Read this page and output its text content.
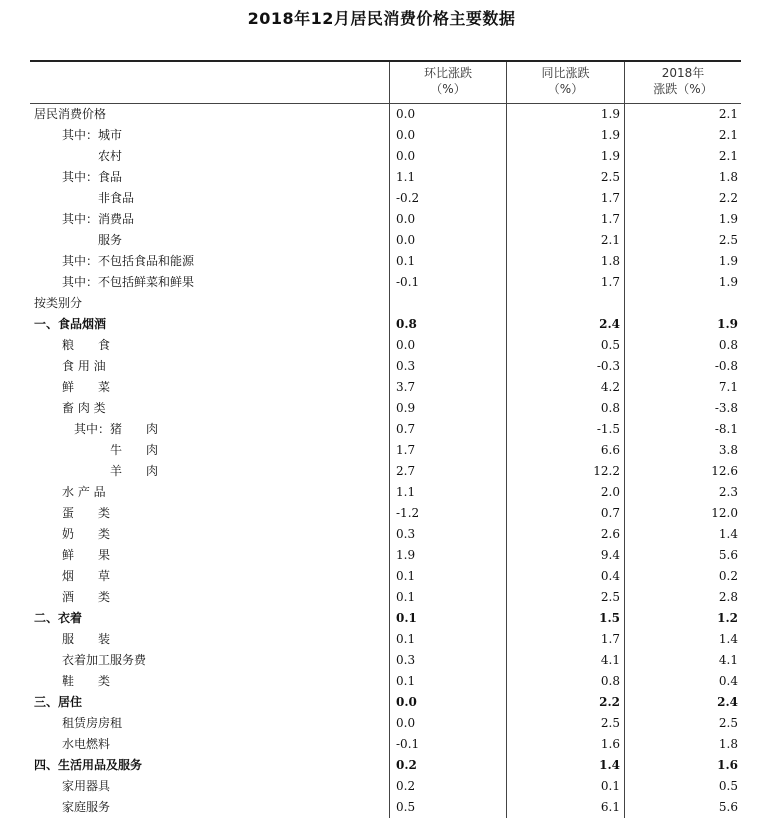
2018年12月居民消费价格主要数据
环比涨跌
（%）
同比涨跌
（%）
2018年
涨跌（%）
居民消费价格	0.0	1.9	2.1
其中：城市	0.0	1.9	2.1
农村	0.0	1.9	2.1
其中：食品	1.1	2.5	1.8
非食品	-0.2	1.7	2.2
其中：消费品	0.0	1.7	1.9
服务	0.0	2.1	2.5
其中：不包括食品和能源	0.1	1.8	1.9
其中：不包括鲜菜和鲜果	-0.1	1.7	1.9
按类别分
一、食品烟酒	0.8	2.4	1.9
粮　　食	0.0	0.5	0.8
食 用 油	0.3	-0.3	-0.8
鲜　　菜	3.7	4.2	7.1
畜 肉 类	0.9	0.8	-3.8
其中：猪　　肉	0.7	-1.5	-8.1
牛　　肉	1.7	6.6	3.8
羊　　肉	2.7	12.2	12.6
水 产 品	1.1	2.0	2.3
蛋　　类	-1.2	0.7	12.0
奶　　类	0.3	2.6	1.4
鲜　　果	1.9	9.4	5.6
烟　　草	0.1	0.4	0.2
酒　　类	0.1	2.5	2.8
二、衣着	0.1	1.5	1.2
服　　装	0.1	1.7	1.4
衣着加工服务费	0.3	4.1	4.1
鞋　　类	0.1	0.8	0.4
三、居住	0.0	2.2	2.4
租赁房房租	0.0	2.5	2.5
水电燃料	-0.1	1.6	1.8
四、生活用品及服务	0.2	1.4	1.6
家用器具	0.2	0.1	0.5
家庭服务	0.5	6.1	5.6
